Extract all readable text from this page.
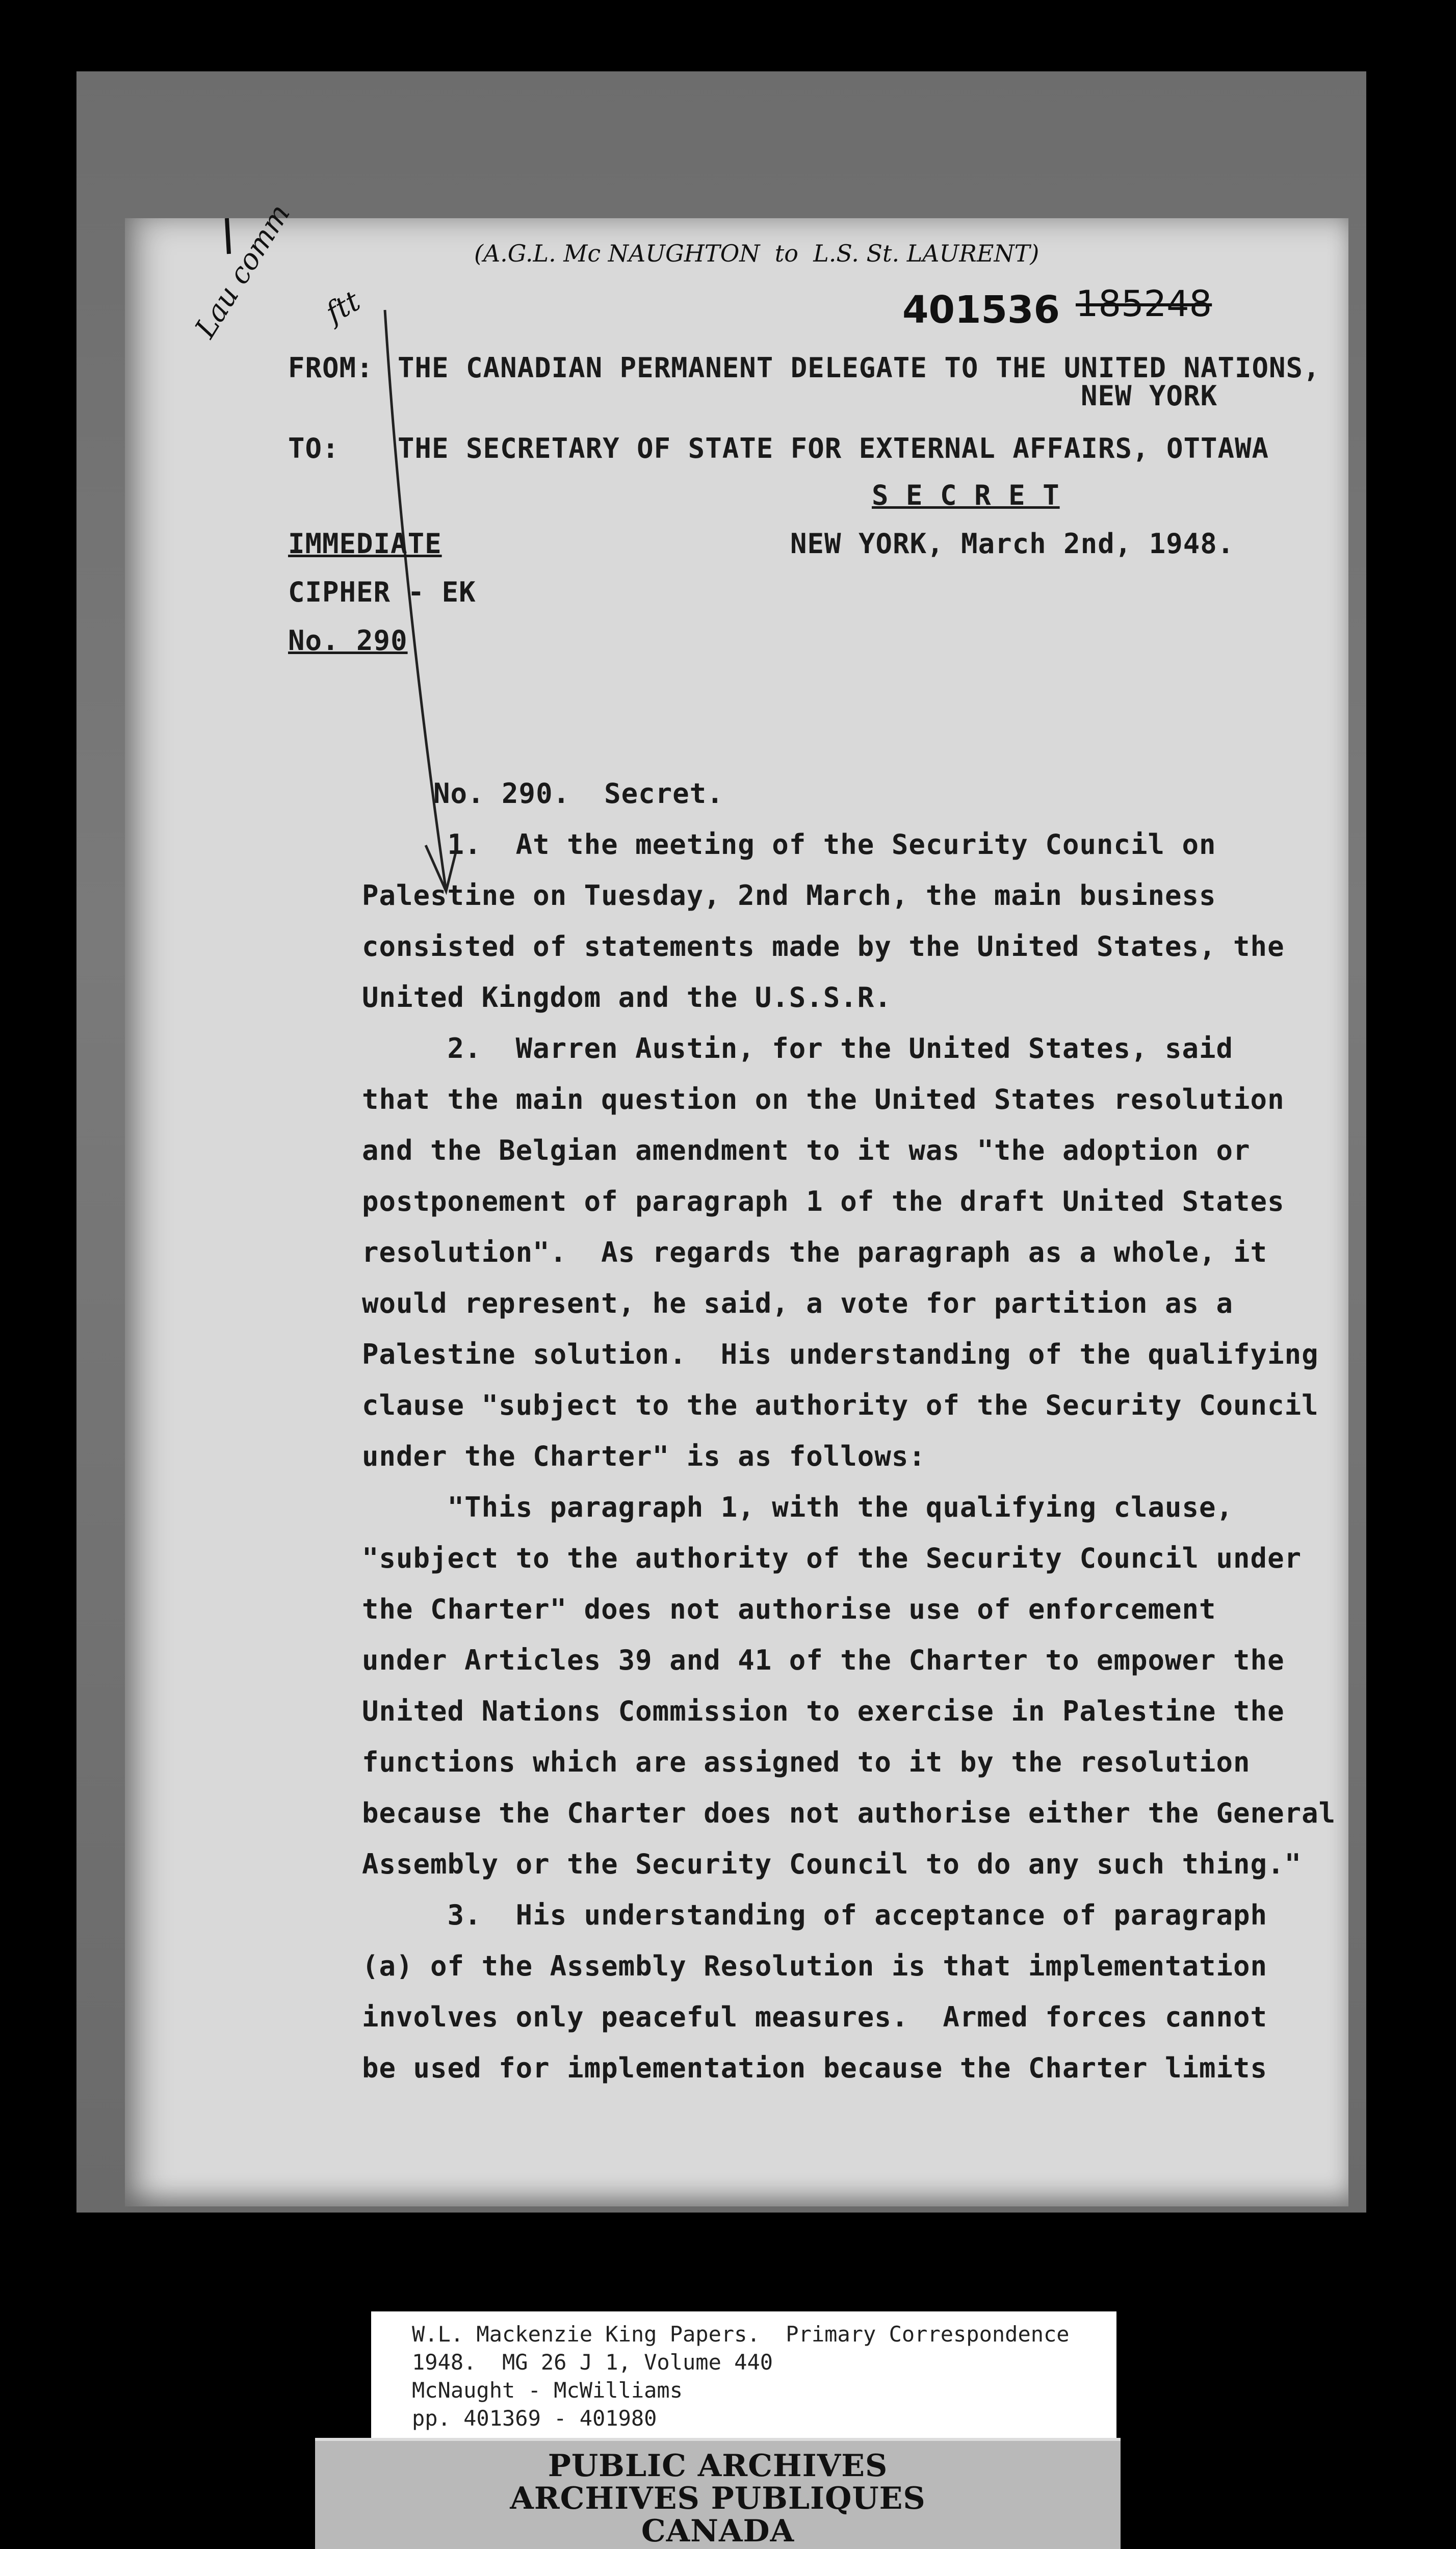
(A.G.L. Mc NAUGHTON  to  L.S. St. LAURENT)
Lau comm ftt	401536 185248
FROM: THE CANADIAN PERMANENT DELEGATE TO THE UNITED NATIONS,
NEW YORK
TO: THE SECRETARY OF STATE FOR EXTERNAL AFFAIRS, OTTAWA
S E C R E T
IMMEDIATE	NEW YORK, March 2nd, 1948.
CIPHER - EK
No. 290
No. 290.  Secret.
1.  At the meeting of the Security Council on
Palestine on Tuesday, 2nd March, the main business
consisted of statements made by the United States, the
United Kingdom and the U.S.S.R.
2.  Warren Austin, for the United States, said
that the main question on the United States resolution
and the Belgian amendment to it was "the adoption or
postponement of paragraph 1 of the draft United States
resolution".  As regards the paragraph as a whole, it
would represent, he said, a vote for partition as a
Palestine solution.  His understanding of the qualifying
clause "subject to the authority of the Security Council
under the Charter" is as follows:
"This paragraph 1, with the qualifying clause,
"subject to the authority of the Security Council under
the Charter" does not authorise use of enforcement
under Articles 39 and 41 of the Charter to empower the
United Nations Commission to exercise in Palestine the
functions which are assigned to it by the resolution
because the Charter does not authorise either the General
Assembly or the Security Council to do any such thing."
3.  His understanding of acceptance of paragraph
(a) of the Assembly Resolution is that implementation
involves only peaceful measures.  Armed forces cannot
be used for implementation because the Charter limits
W.L. Mackenzie King Papers.  Primary Correspondence
1948.  MG 26 J 1, Volume 440
McNaught - McWilliams
pp. 401369 - 401980
PUBLIC ARCHIVES
ARCHIVES PUBLIQUES
CANADA
